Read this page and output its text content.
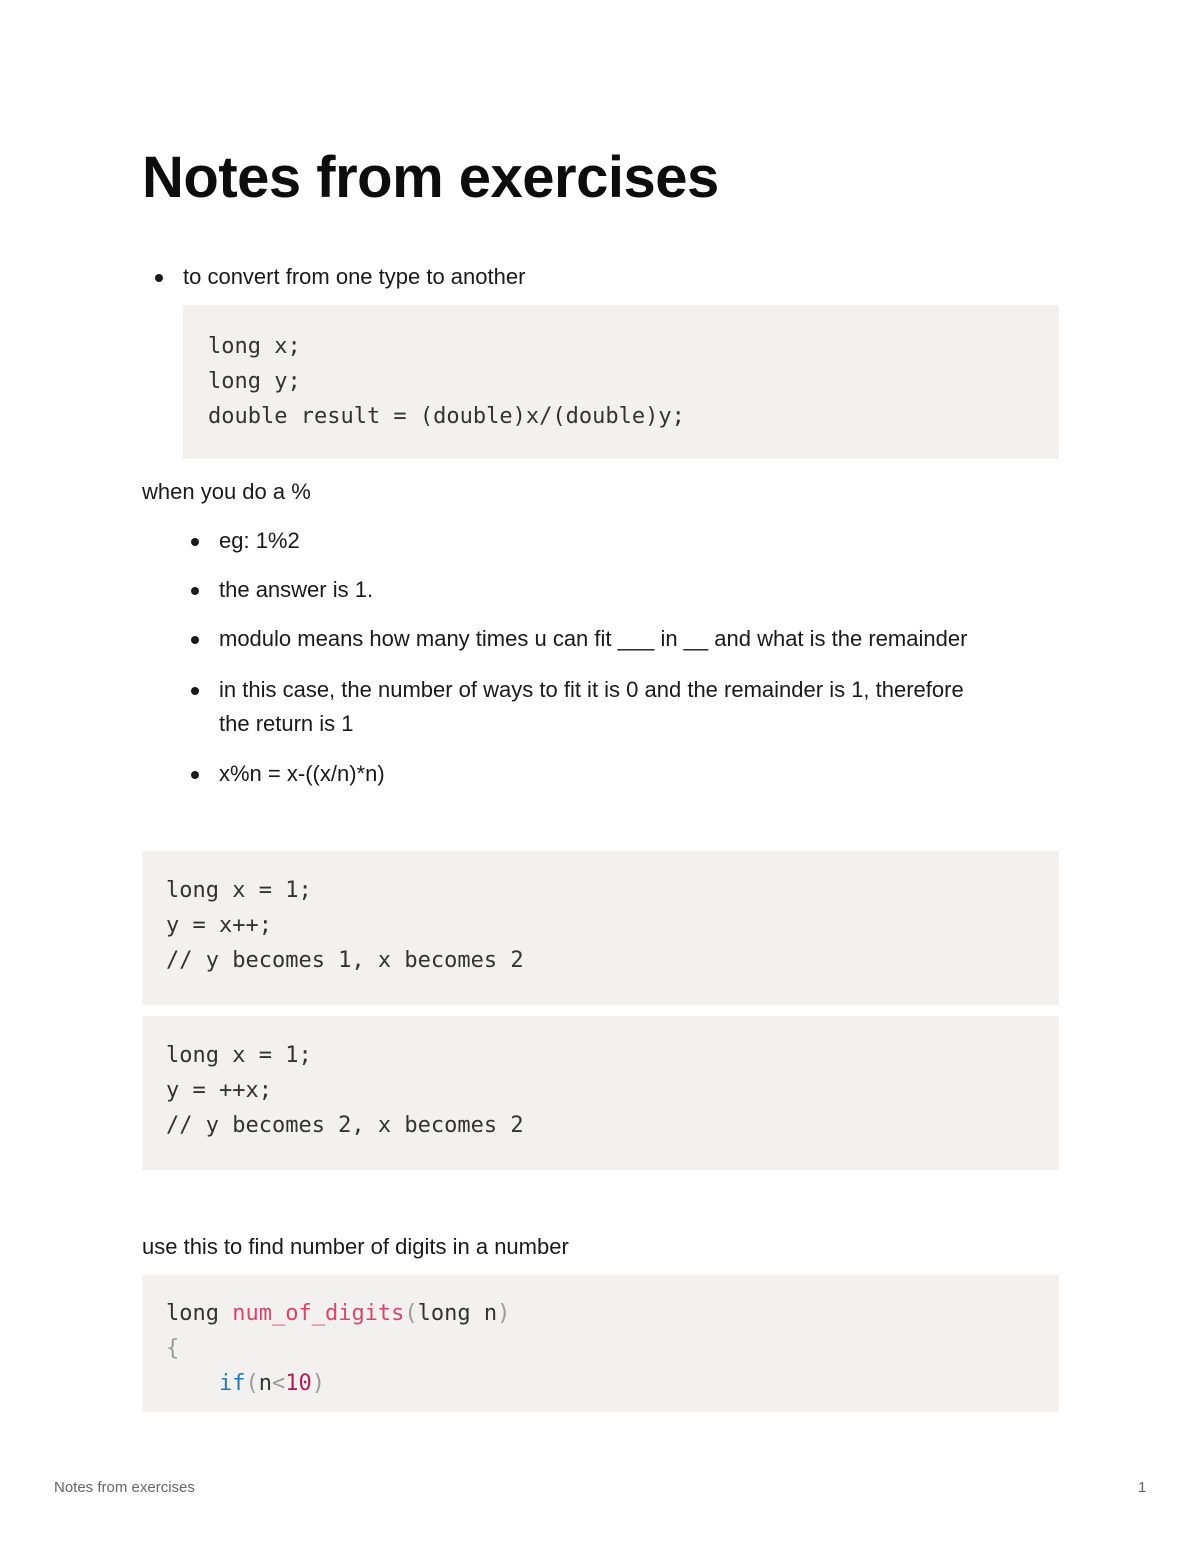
Notes from exercises
to convert from one type to another
long x;
long y;
double result = (double)x/(double)y;
when you do a %
eg: 1%2
the answer is 1.
modulo means how many times u can fit ___ in __ and what is the remainder
in this case, the number of ways to fit it is 0 and the remainder is 1, therefore the return is 1
x%n = x-((x/n)*n)
long x = 1;
y = x++;
// y becomes 1, x becomes 2
long x = 1;
y = ++x;
// y becomes 2, x becomes 2
use this to find number of digits in a number
long num_of_digits(long n)
{
if(n<10)
Notes from exercises	1
